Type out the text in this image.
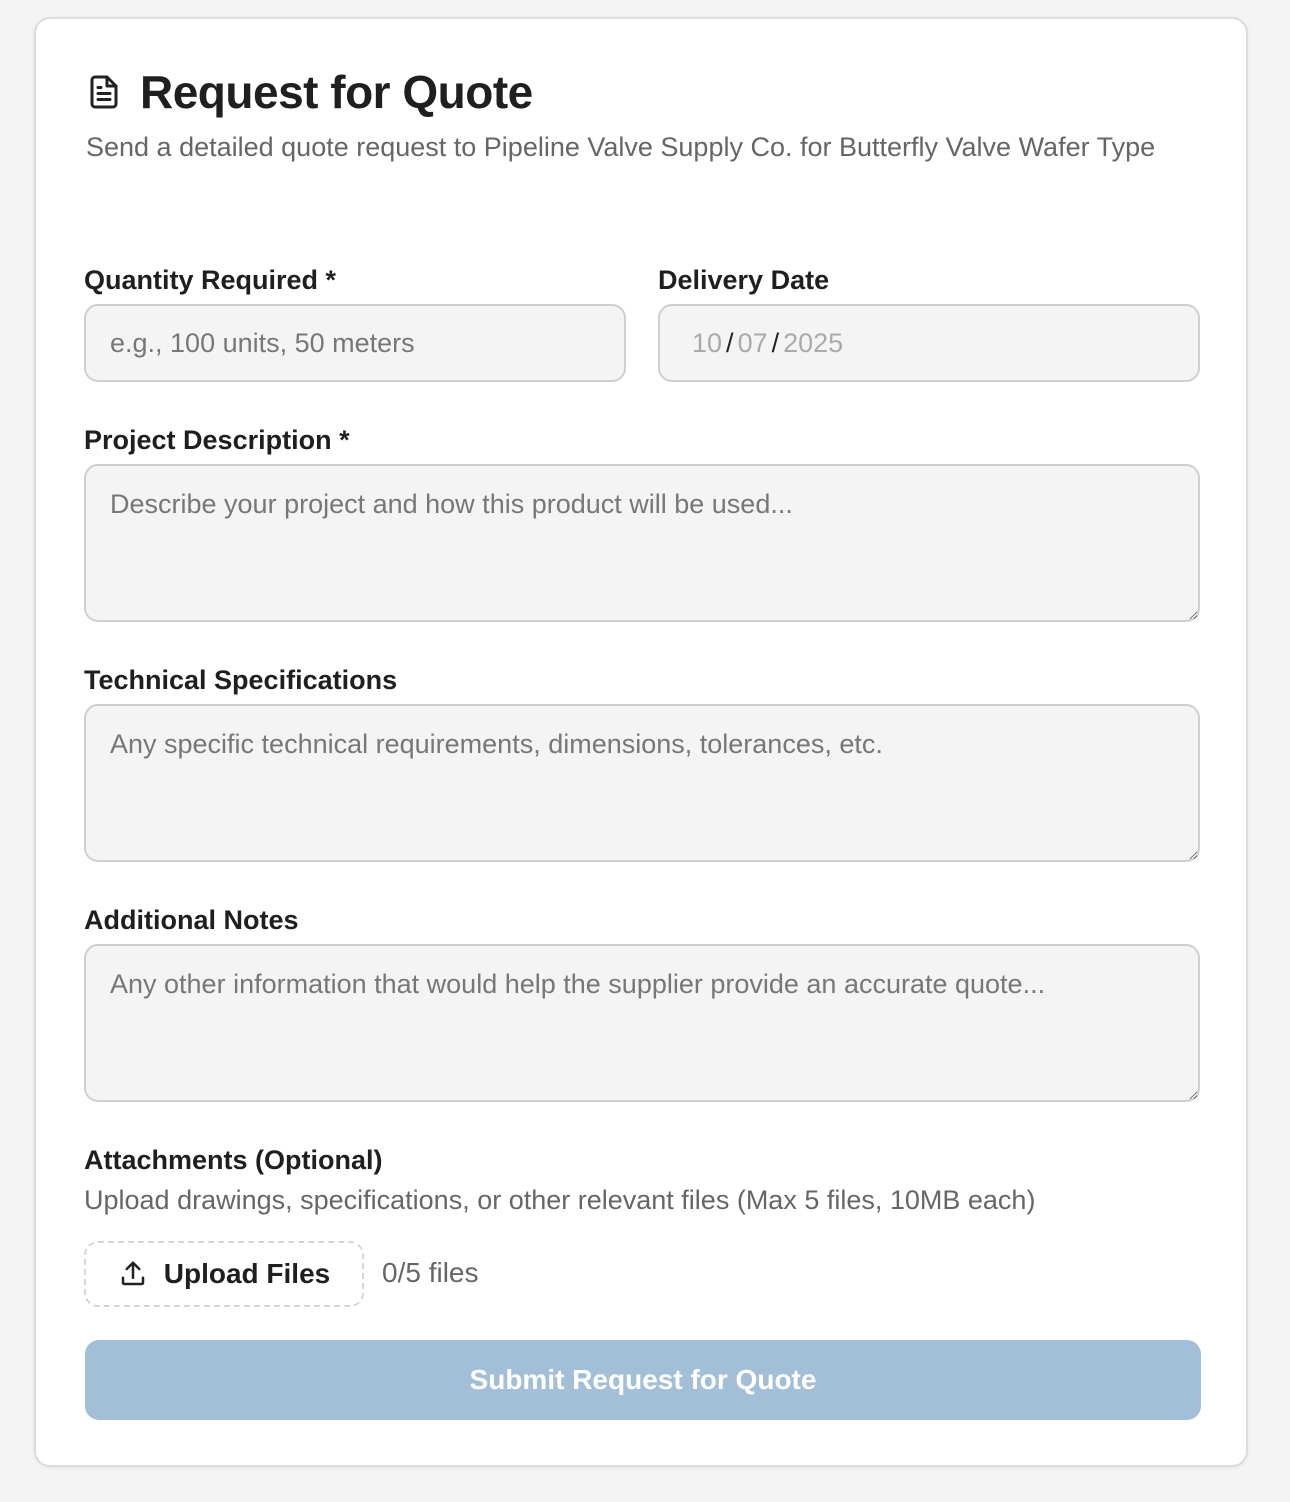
Request for Quote
Send a detailed quote request to Pipeline Valve Supply Co. for Butterfly Valve Wafer Type
Quantity Required *
e.g., 100 units, 50 meters	Delivery Date
10 / 07 / 2025
Project Description *
Describe your project and how this product will be used...
Technical Specifications
Any specific technical requirements, dimensions, tolerances, etc.
Additional Notes
Any other information that would help the supplier provide an accurate quote...
Attachments (Optional)
Upload drawings, specifications, or other relevant files (Max 5 files, 10MB each)
Upload Files 0/5 files
Submit Request for Quote
